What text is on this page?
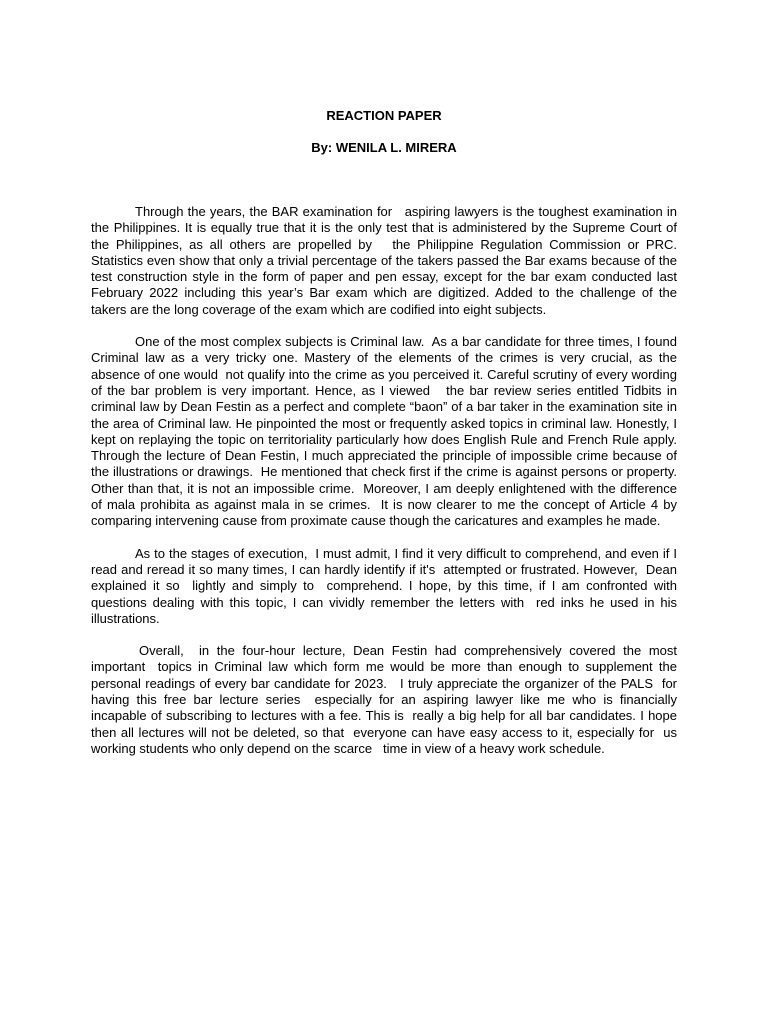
REACTION PAPER
By: WENILA L. MIRERA

Through the years, the BAR examination for   aspiring lawyers is the toughest examination in the Philippines. It is equally true that it is the only test that is administered by the Supreme Court of the Philippines, as all others are propelled by   the Philippine Regulation Commission or PRC.  Statistics even show that only a trivial percentage of the takers passed the Bar exams because of the test construction style in the form of paper and pen essay, except for the bar exam conducted last February 2022 including this year’s Bar exam which are digitized. Added to the challenge of the takers are the long coverage of the exam which are codified into eight subjects.

One of the most complex subjects is Criminal law.  As a bar candidate for three times, I found Criminal law as a very tricky one. Mastery of the elements of the crimes is very crucial, as the absence of one would  not qualify into the crime as you perceived it. Careful scrutiny of every wording of the bar problem is very important. Hence, as I viewed   the bar review series entitled Tidbits in criminal law by Dean Festin as a perfect and complete “baon” of a bar taker in the examination site in the area of Criminal law. He pinpointed the most or frequently asked topics in criminal law. Honestly, I kept on replaying the topic on territoriality particularly how does English Rule and French Rule apply.   Through the lecture of Dean Festin, I much appreciated the principle of impossible crime because of the illustrations or drawings.  He mentioned that check first if the crime is against persons or property. Other than that, it is not an impossible crime.  Moreover, I am deeply enlightened with the difference of mala prohibita as against mala in se crimes.  It is now clearer to me the concept of Article 4 by comparing intervening cause from proximate cause though the caricatures and examples he made.

As to the stages of execution,  I must admit, I find it very difficult to comprehend, and even if I read and reread it so many times, I can hardly identify if it's  attempted or frustrated. However,  Dean explained it so  lightly and simply to  comprehend. I hope, by this time, if I am confronted with questions dealing with this topic, I can vividly remember the letters with  red inks he used in his illustrations.

Overall,  in the four-hour lecture, Dean Festin had comprehensively covered the most important  topics in Criminal law which form me would be more than enough to supplement the personal readings of every bar candidate for 2023.   I truly appreciate the organizer of the PALS  for having this free bar lecture series  especially for an aspiring lawyer like me who is financially incapable of subscribing to lectures with a fee. This is  really a big help for all bar candidates. I hope then all lectures will not be deleted, so that  everyone can have easy access to it, especially for  us working students who only depend on the scarce   time in view of a heavy work schedule.
